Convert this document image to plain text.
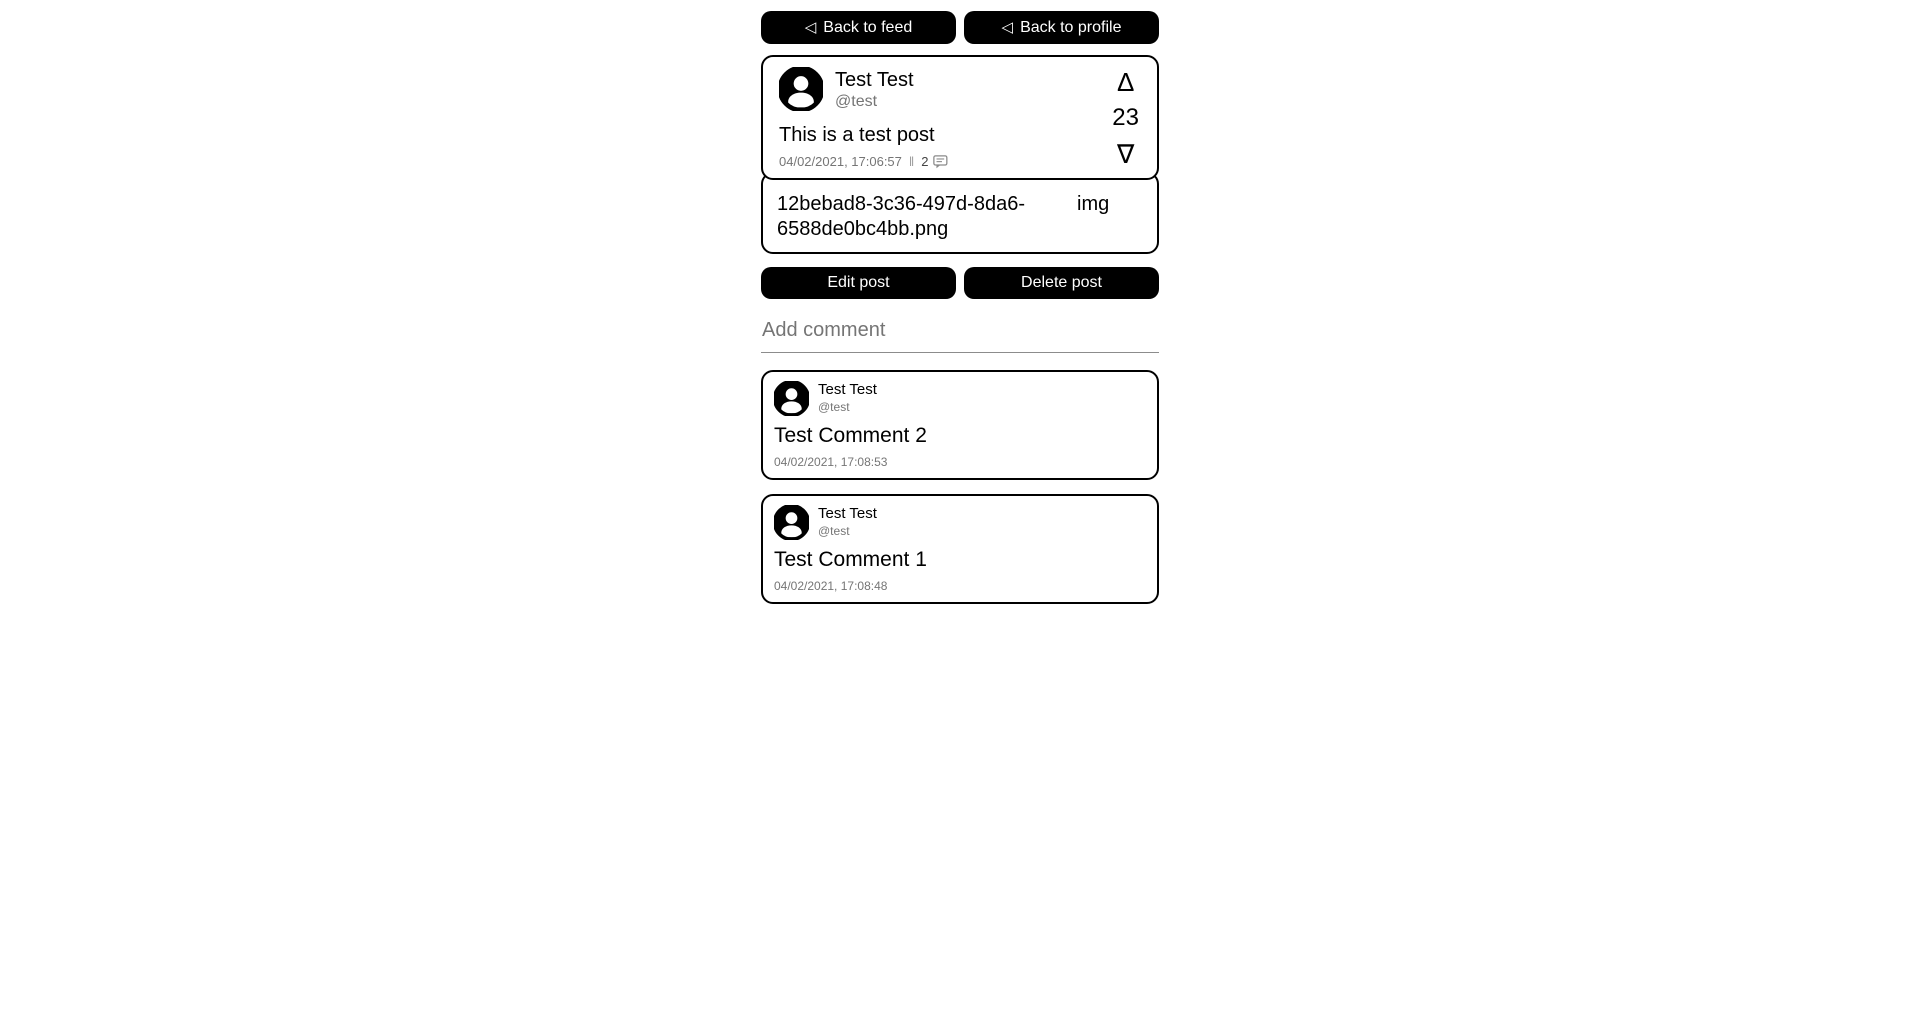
◁ Back to feed	◁ Back to profile
Test Test
@test
This is a test post
04/02/2021, 17:06:57 ‖ 2
Δ
23
∇
12bebad8-3c36-497d-8da6-6588de0bc4bb.png
img
Edit post	Delete post
Add comment
Test Test
@test
Test Comment 2
04/02/2021, 17:08:53
Test Test
@test
Test Comment 1
04/02/2021, 17:08:48
